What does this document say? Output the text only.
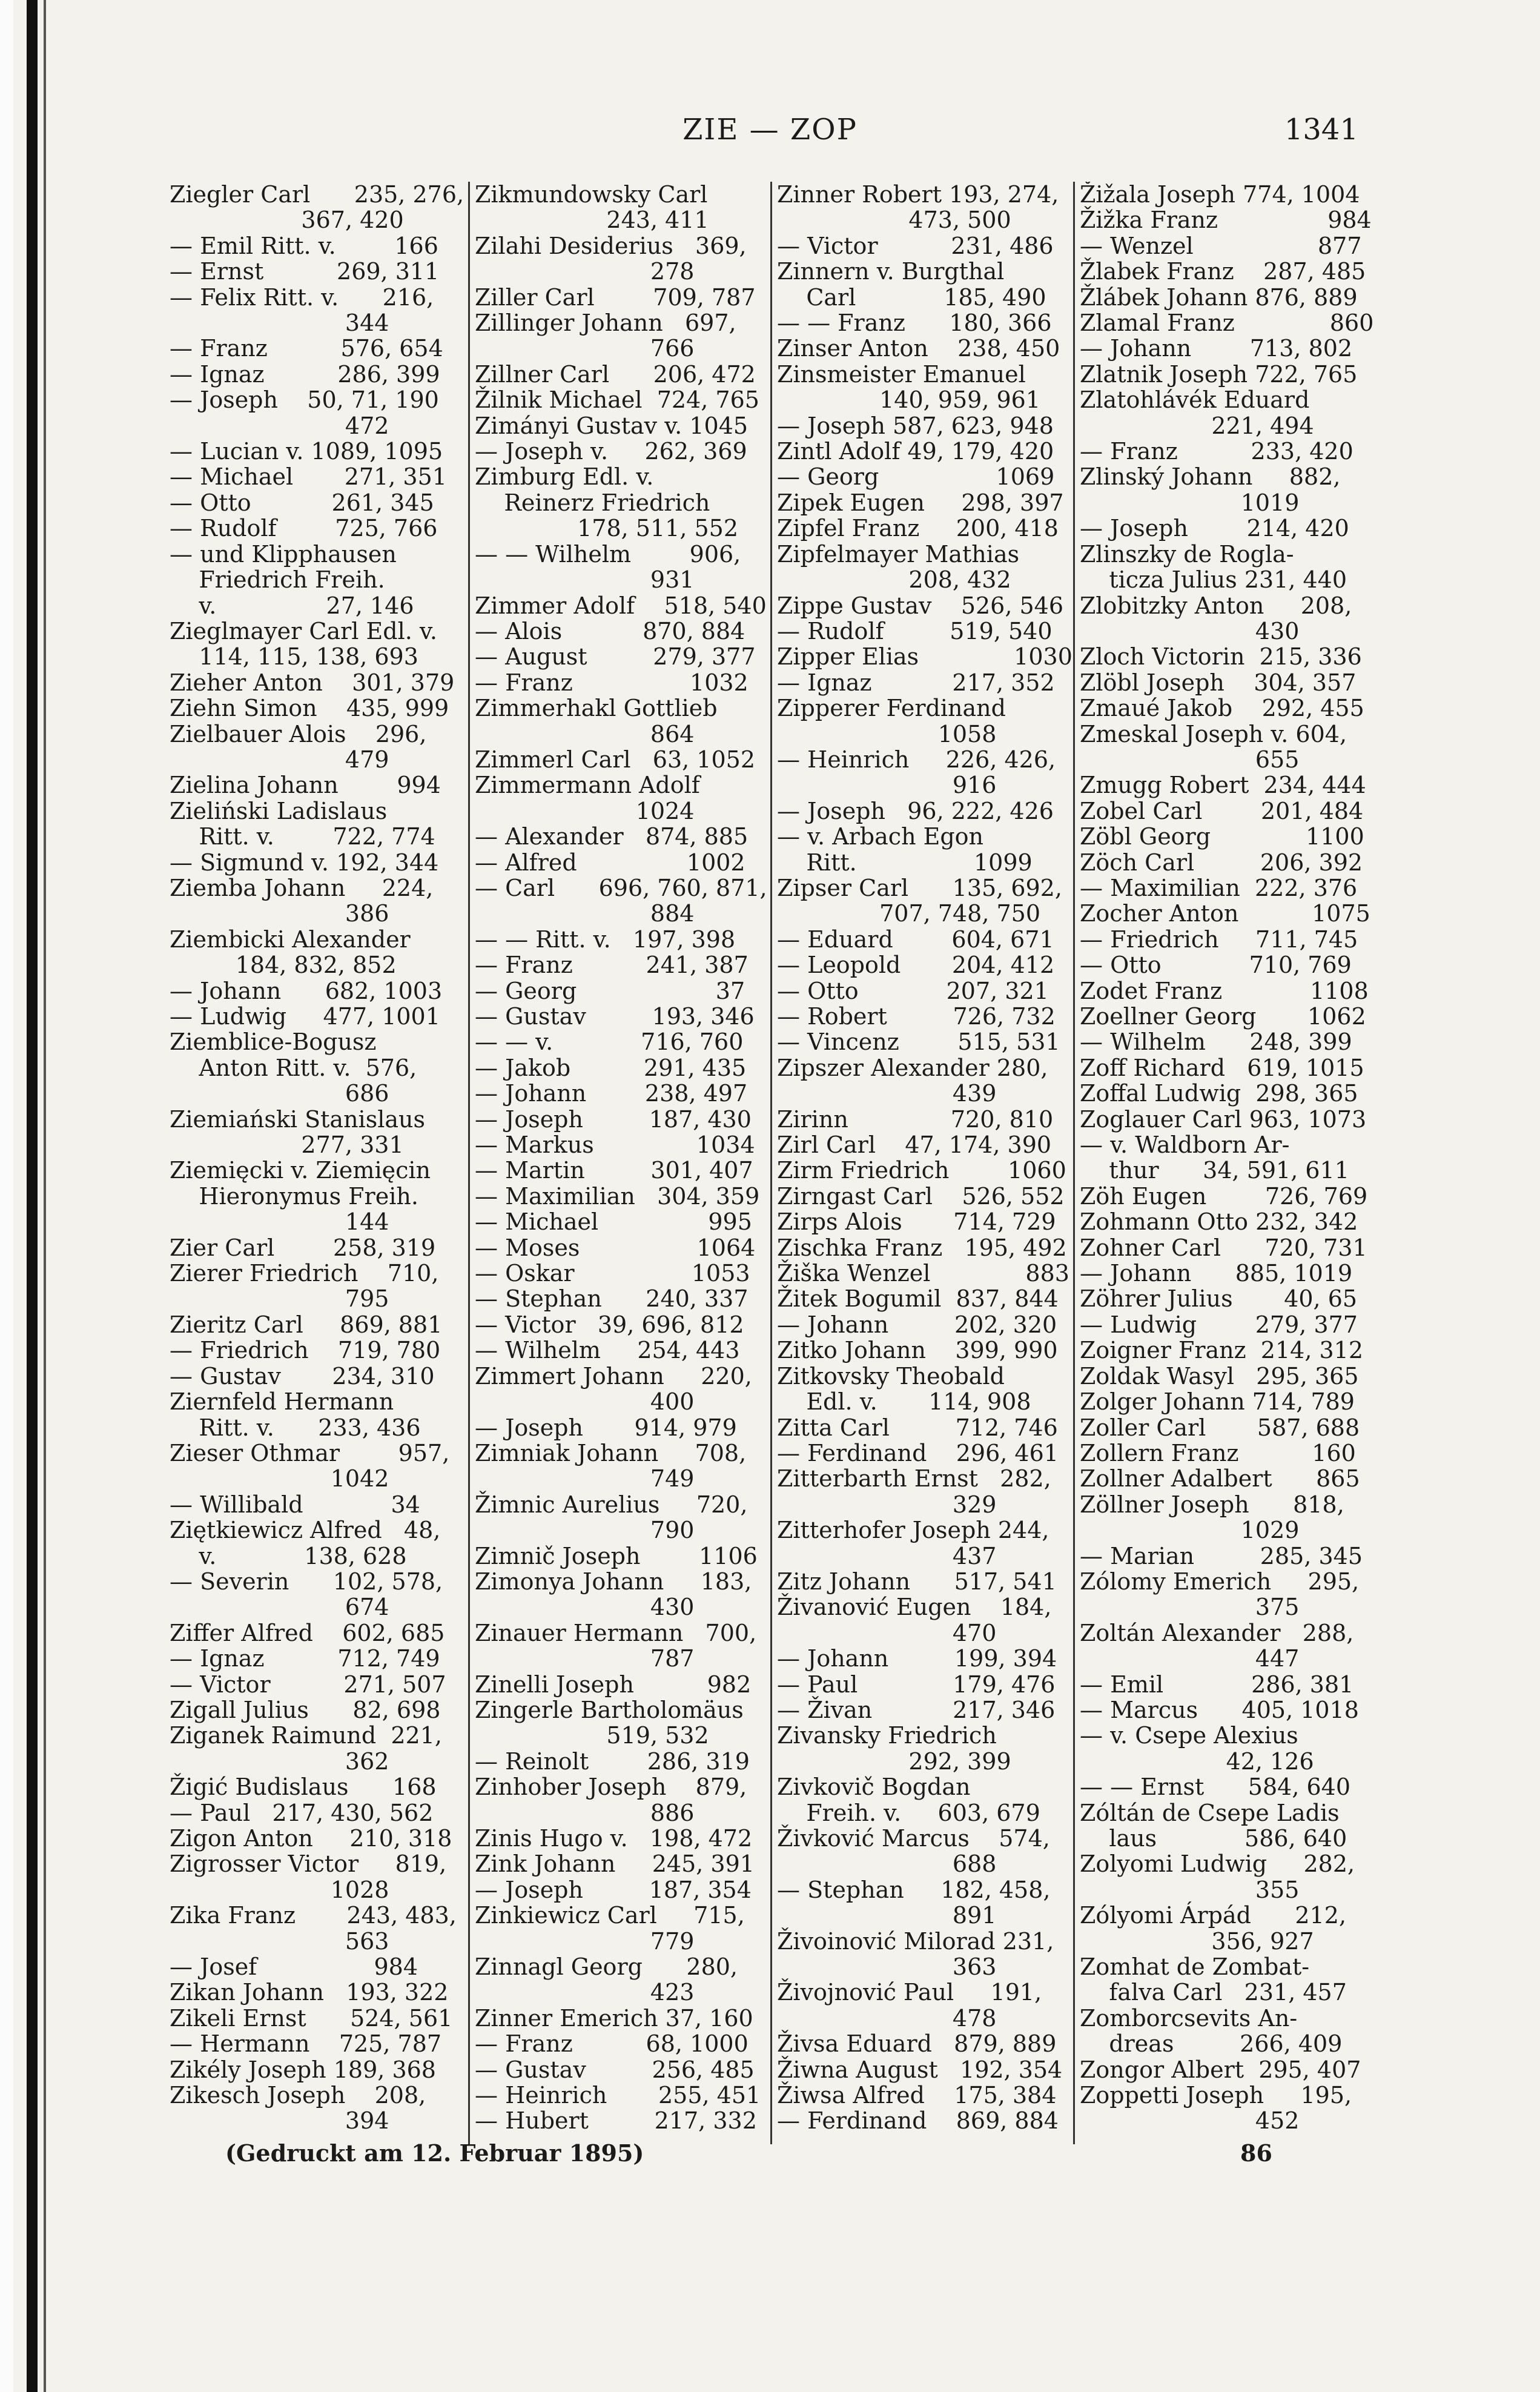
ZIE — ZOP	1341
Ziegler Carl      235, 276,
367, 420
— Emil Ritt. v.        166
— Ernst          269, 311
— Felix Ritt. v.      216,
344
— Franz          576, 654
— Ignaz          286, 399
— Joseph    50, 71, 190
472
— Lucian v. 1089, 1095
— Michael       271, 351
— Otto           261, 345
— Rudolf        725, 766
— und Klipphausen
Friedrich Freih.
v.               27, 146
Zieglmayer Carl Edl. v.
114, 115, 138, 693
Zieher Anton    301, 379
Ziehn Simon    435, 999
Zielbauer Alois    296,
479
Zielina Johann        994
Zieliński Ladislaus
Ritt. v.        722, 774
— Sigmund v. 192, 344
Ziemba Johann     224,
386
Ziembicki Alexander
184, 832, 852
— Johann      682, 1003
— Ludwig     477, 1001
Ziemblice-Bogusz
Anton Ritt. v.  576,
686
Ziemiański Stanislaus
277, 331
Ziemięcki v. Ziemięcin
Hieronymus Freih.
144
Zier Carl        258, 319
Zierer Friedrich    710,
795
Zieritz Carl     869, 881
— Friedrich    719, 780
— Gustav       234, 310
Ziernfeld Hermann
Ritt. v.      233, 436
Zieser Othmar        957,
1042
— Willibald            34
Ziętkiewicz Alfred   48,
v.            138, 628
— Severin      102, 578,
674
Ziffer Alfred    602, 685
— Ignaz          712, 749
— Victor          271, 507
Zigall Julius      82, 698
Ziganek Raimund  221,
362
Žigić Budislaus      168
— Paul   217, 430, 562
Zigon Anton     210, 318
Zigrosser Victor     819,
1028
Zika Franz       243, 483,
563
— Josef                984
Zikan Johann   193, 322
Zikeli Ernst      524, 561
— Hermann    725, 787
Zikély Joseph 189, 368
Zikesch Joseph    208,
394
Zikmundowsky Carl
243, 411
Zilahi Desiderius   369,
278
Ziller Carl        709, 787
Zillinger Johann   697,
766
Zillner Carl      206, 472
Žilnik Michael  724, 765
Zimányi Gustav v. 1045
— Joseph v.     262, 369
Zimburg Edl. v.
Reinerz Friedrich
178, 511, 552
— — Wilhelm        906,
931
Zimmer Adolf    518, 540
— Alois           870, 884
— August         279, 377
— Franz                1032
Zimmerhakl Gottlieb
864
Zimmerl Carl   63, 1052
Zimmermann Adolf
1024
— Alexander   874, 885
— Alfred               1002
— Carl      696, 760, 871,
884
— — Ritt. v.   197, 398
— Franz          241, 387
— Georg                   37
— Gustav         193, 346
— — v.            716, 760
— Jakob          291, 435
— Johann        238, 497
— Joseph         187, 430
— Markus              1034
— Martin         301, 407
— Maximilian   304, 359
— Michael               995
— Moses                1064
— Oskar                1053
— Stephan      240, 337
— Victor   39, 696, 812
— Wilhelm     254, 443
Zimmert Johann     220,
400
— Joseph       914, 979
Zimniak Johann     708,
749
Žimnic Aurelius     720,
790
Zimnič Joseph        1106
Zimonya Johann     183,
430
Zinauer Hermann   700,
787
Zinelli Joseph          982
Zingerle Bartholomäus
519, 532
— Reinolt        286, 319
Zinhober Joseph    879,
886
Zinis Hugo v.   198, 472
Zink Johann     245, 391
— Joseph         187, 354
Zinkiewicz Carl     715,
779
Zinnagl Georg      280,
423
Zinner Emerich 37, 160
— Franz          68, 1000
— Gustav         256, 485
— Heinrich       255, 451
— Hubert         217, 332
Zinner Robert 193, 274,
473, 500
— Victor          231, 486
Zinnern v. Burgthal
Carl            185, 490
— — Franz      180, 366
Zinser Anton    238, 450
Zinsmeister Emanuel
140, 959, 961
— Joseph 587, 623, 948
Zintl Adolf 49, 179, 420
— Georg                1069
Zipek Eugen     298, 397
Zipfel Franz     200, 418
Zipfelmayer Mathias
208, 432
Zippe Gustav    526, 546
— Rudolf         519, 540
Zipper Elias             1030
— Ignaz           217, 352
Zipperer Ferdinand
1058
— Heinrich     226, 426,
916
— Joseph   96, 222, 426
— v. Arbach Egon
Ritt.                1099
Zipser Carl      135, 692,
707, 748, 750
— Eduard        604, 671
— Leopold       204, 412
— Otto            207, 321
— Robert         726, 732
— Vincenz        515, 531
Zipszer Alexander 280,
439
Zirinn              720, 810
Zirl Carl    47, 174, 390
Zirm Friedrich        1060
Zirngast Carl    526, 552
Zirps Alois       714, 729
Zischka Franz   195, 492
Žiška Wenzel             883
Žitek Bogumil  837, 844
— Johann         202, 320
Zitko Johann    399, 990
Zitkovsky Theobald
Edl. v.       114, 908
Zitta Carl         712, 746
— Ferdinand    296, 461
Zitterbarth Ernst   282,
329
Zitterhofer Joseph 244,
437
Zitz Johann      517, 541
Živanović Eugen    184,
470
— Johann         199, 394
— Paul             179, 476
— Živan           217, 346
Zivansky Friedrich
292, 399
Zivkovič Bogdan
Freih. v.     603, 679
Živković Marcus    574,
688
— Stephan     182, 458,
891
Živoinović Milorad 231,
363
Živojnović Paul     191,
478
Živsa Eduard   879, 889
Žiwna August   192, 354
Žiwsa Alfred    175, 384
— Ferdinand    869, 884
Žižala Joseph 774, 1004
Žižka Franz               984
— Wenzel                 877
Žlabek Franz    287, 485
Žlábek Johann 876, 889
Zlamal Franz             860
— Johann        713, 802
Zlatnik Joseph 722, 765
Zlatohlávék Eduard
221, 494
— Franz          233, 420
Zlinský Johann     882,
1019
— Joseph        214, 420
Zlinszky de Rogla-
ticza Julius 231, 440
Zlobitzky Anton     208,
430
Zloch Victorin  215, 336
Zlöbl Joseph    304, 357
Zmaué Jakob    292, 455
Zmeskal Joseph v. 604,
655
Zmugg Robert  234, 444
Zobel Carl        201, 484
Zöbl Georg             1100
Zöch Carl         206, 392
— Maximilian  222, 376
Zocher Anton          1075
— Friedrich     711, 745
— Otto            710, 769
Zodet Franz            1108
Zoellner Georg       1062
— Wilhelm      248, 399
Zoff Richard   619, 1015
Zoffal Ludwig  298, 365
Zoglauer Carl 963, 1073
— v. Waldborn Ar-
thur      34, 591, 611
Zöh Eugen        726, 769
Zohmann Otto 232, 342
Zohner Carl      720, 731
— Johann      885, 1019
Zöhrer Julius       40, 65
— Ludwig        279, 377
Zoigner Franz  214, 312
Zoldak Wasyl   295, 365
Zolger Johann 714, 789
Zoller Carl       587, 688
Zollern Franz          160
Zollner Adalbert      865
Zöllner Joseph      818,
1029
— Marian         285, 345
Zólomy Emerich     295,
375
Zoltán Alexander   288,
447
— Emil            286, 381
— Marcus      405, 1018
— v. Csepe Alexius
42, 126
— — Ernst      584, 640
Zóltán de Csepe Ladis
laus            586, 640
Zolyomi Ludwig     282,
355
Zólyomi Árpád      212,
356, 927
Zomhat de Zombat-
falva Carl   231, 457
Zomborcsevits An-
dreas         266, 409
Zongor Albert  295, 407
Zoppetti Joseph     195,
452
(Gedruckt am 12. Februar 1895)	86
